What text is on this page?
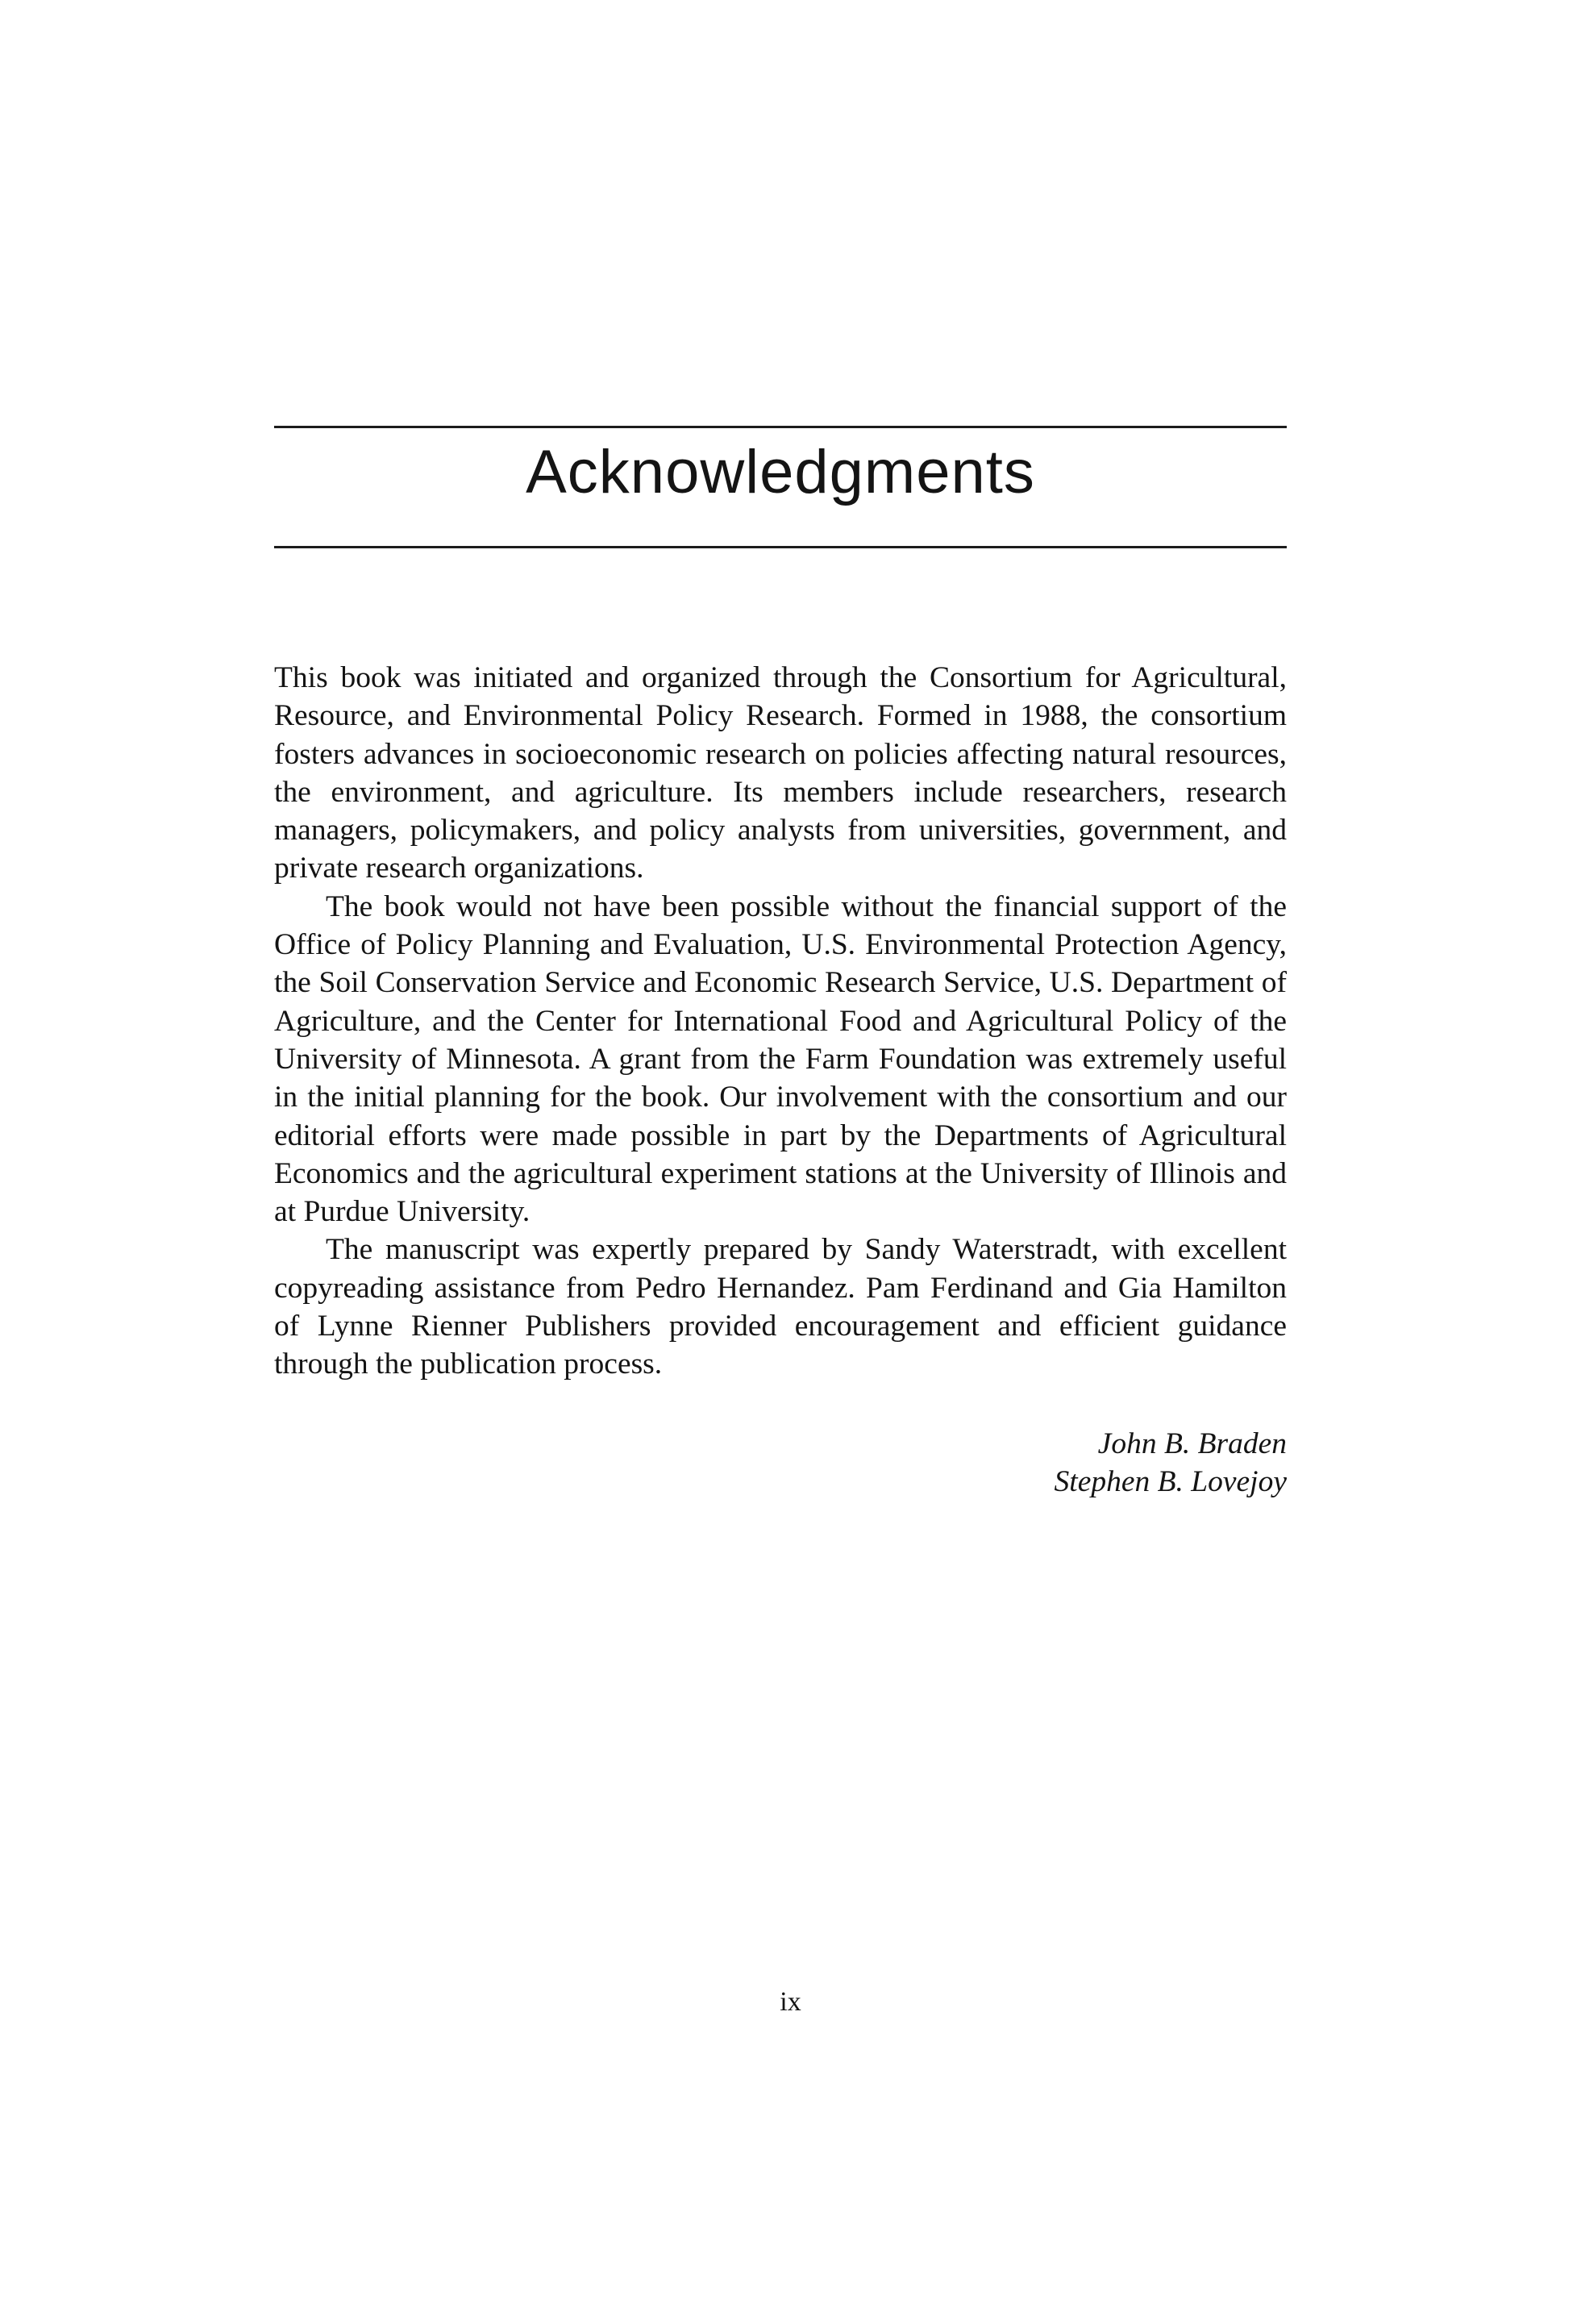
Acknowledgments

This book was initiated and organized through the Consortium for Agricultural, Resource, and Environmental Policy Research. Formed in 1988, the consortium fosters advances in socioeconomic research on policies affecting natural resources, the environment, and agriculture. Its members include researchers, research managers, policymakers, and policy analysts from universities, government, and private research organizations.

The book would not have been possible without the financial support of the Office of Policy Planning and Evaluation, U.S. Environmental Protection Agency, the Soil Conservation Service and Economic Research Service, U.S. Department of Agriculture, and the Center for International Food and Agricultural Policy of the University of Minnesota. A grant from the Farm Foundation was extremely useful in the initial planning for the book. Our involvement with the consortium and our editorial efforts were made possible in part by the Departments of Agricultural Economics and the agricultural experiment stations at the University of Illinois and at Purdue University.

The manuscript was expertly prepared by Sandy Waterstradt, with excellent copyreading assistance from Pedro Hernandez. Pam Ferdinand and Gia Hamilton of Lynne Rienner Publishers provided encouragement and efficient guidance through the publication process.

John B. Braden
Stephen B. Lovejoy
ix
